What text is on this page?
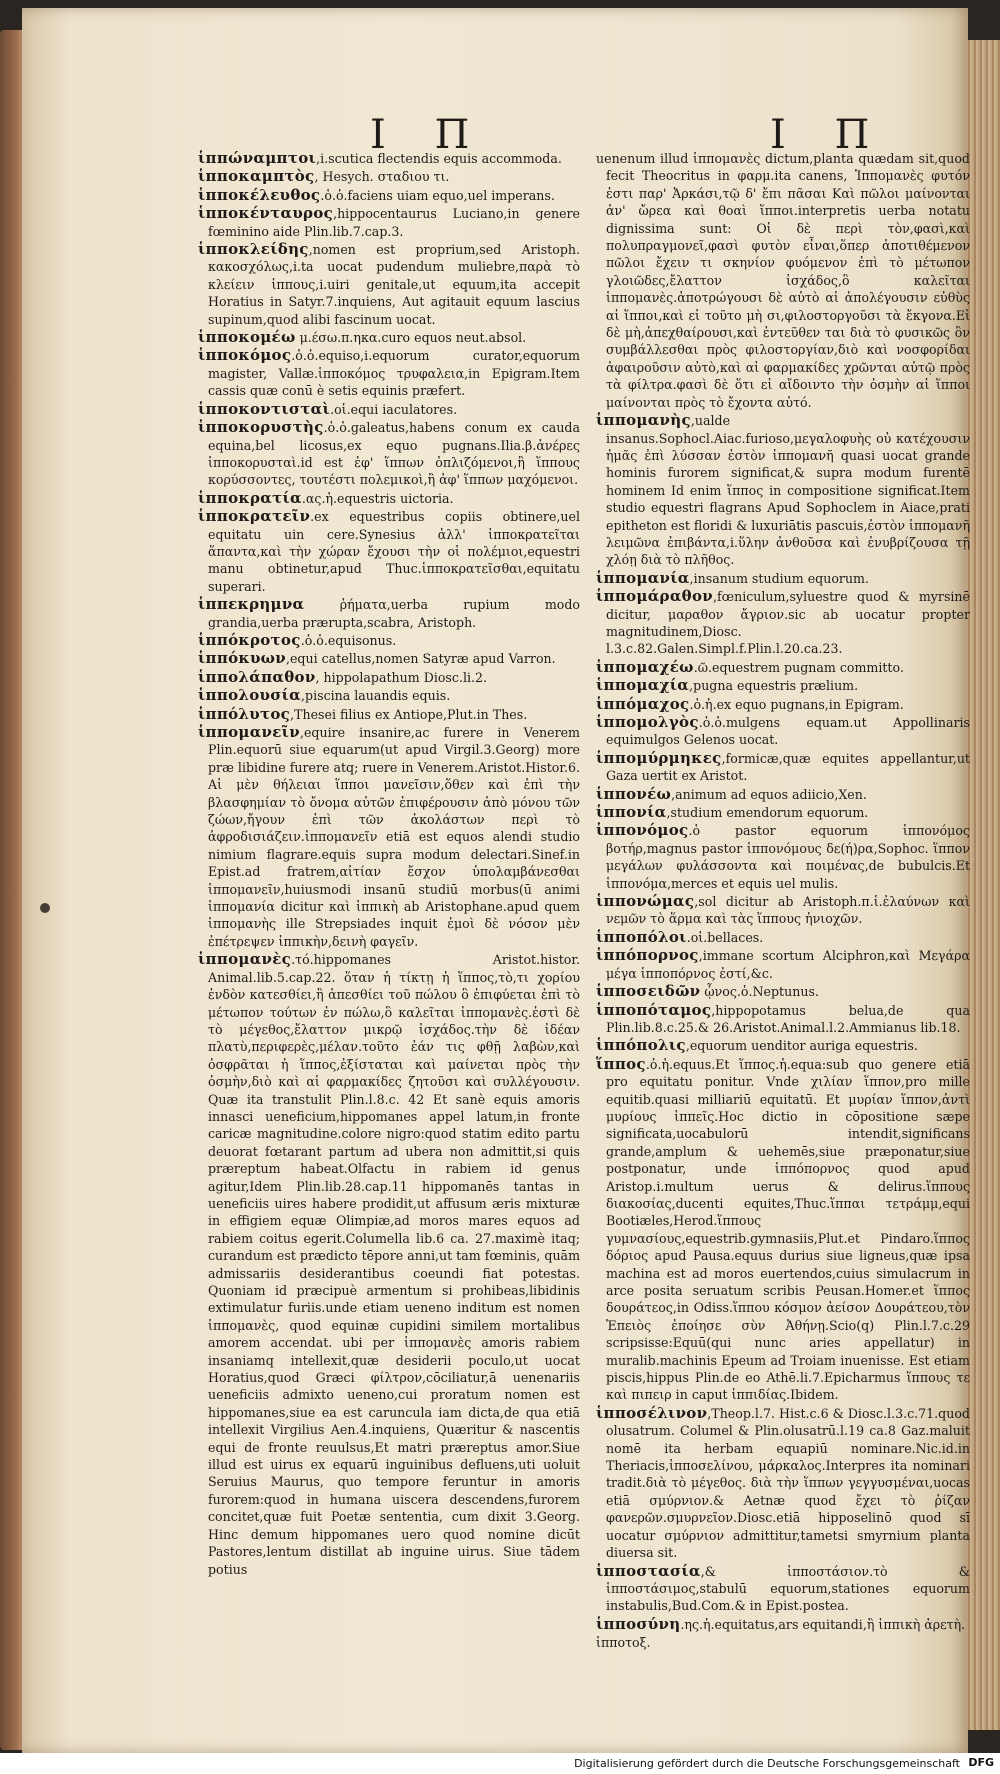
I Π	I Π

ἱππώναμπτοι,i.scutica flectendis equis accommoda.

ἱπποκαμπτὸς, Hesych. σταδιου τι.

ἱπποκέλευθος.ὁ.ὁ.faciens uiam equo,uel imperans.

ἱπποκένταυρος,hippocentaurus Luciano,in genere fœminino aide Plin.lib.7.cap.3.

ἱπποκλείδης,nomen est proprium,sed Aristoph. κακοσχόλως,i.ta uocat pudendum muliebre,παρὰ τὸ κλείειν ἱππους,i.uiri genitale,ut equum,ita accepit Horatius in Satyr.7.inquiens, Aut agitauit equum lascius supinum,quod alibi fascinum uocat.

ἱπποκομέω μ.έσω.π.ηκα.curo equos neut.absol.

ἱπποκόμος.ὁ.ὁ.equiso,i.equorum curator,equorum magister, Vallæ.ἱπποκόμος τρυφαλεια,in Epigram.Item cassis quæ conū è setis equinis præfert.

ἱπποκοντισταὶ.οἱ.equi iaculatores.

ἱπποκορυστὴς.ὁ.ὁ.galeatus,habens conum ex cauda equina,bel licosus,ex equo pugnans.Ilia.β.ἀνέρες ἱπποκορυσταὶ.id est ἐφ' ἵππων ὁπλιζόμενοι,ἢ ἵππους κορύσσοντες, τουτέστι πολεμικοὶ,ἢ ἀφ' ἵππων μαχόμενοι.

ἱπποκρατία.ας.ἡ.equestris uictoria.

ἱπποκρατεῖν.ex equestribus copiis obtinere,uel equitatu uin cere.Synesius ἀλλ' ἱπποκρατεῖται ἅπαντα,καὶ τὴν χώραν ἔχουσι τὴν οἱ πολέμιοι,equestri manu obtinetur,apud Thuc.ἱπποκρατεῖσθαι,equitatu superari.

ἱππεκρημνα ῥήματα,uerba rupium modo grandia,uerba prærupta,scabra, Aristoph.

ἱππόκροτος.ὁ.ὁ.equisonus.

ἱππόκυων,equi catellus,nomen Satyræ apud Varron.

ἱππολάπαθον, hippolapathum Diosc.li.2.

ἱππολουσία,piscina lauandis equis.

ἱππόλυτος,Thesei filius ex Antiope,Plut.in Thes.

ἱππομανεῖν,equire insanire,ac furere in Venerem Plin.equorū siue equarum(ut apud Virgil.3.Georg) more præ libidine furere atq; ruere in Venerem.Aristot.Histor.6. Αἱ μὲν θήλειαι ἵπποι μανεῖσιν,ὅθεν καὶ ἐπὶ τὴν βλασφημίαν τὸ ὄνομα αὐτῶν ἐπιφέρουσιν ἀπὸ μόνου τῶν ζώων,ἤγουν ἐπὶ τῶν ἀκολάστων περὶ τὸ ἀφροδισιάζειν.ἱππομανεῖν etiā est equos alendi studio nimium flagrare.equis supra modum delectari.Sinef.in Epist.ad fratrem,αἰτίαν ἔσχον ὑπολαμβάνεσθαι ἱππομανεῖν,huiusmodi insanū studiū morbus(ū animi ἱππομανία dicitur καὶ ἱππικὴ ab Aristophane.apud quem ἱππομανὴς ille Strepsiades inquit ἐμοὶ δὲ νόσον μὲν ἐπέτρεψεν ἱππικὴν,δεινὴ φαγεῖν.

ἱππομανὲς.τό.hippomanes Aristot.histor. Animal.lib.5.cap.22. ὅταν ἡ τίκτῃ ἡ ἵππος,τὸ,τι χορίου ἐνδὸν κατεσθίει,ἢ ἀπεσθίει τοῦ πώλου ὃ ἐπιφύεται ἐπὶ τὸ μέτωπον τούτων ἐν πώλω,ὃ καλεῖται ἱππομανὲς.ἐστὶ δὲ τὸ μέγεθος,ἔλαττον μικρῷ ἰσχάδος.τὴν δὲ ἰδέαν πλατὺ,περιφερὲς,μέλαν.τοῦτο ἐάν τις φθῇ λαβὼν,καὶ ὀσφρᾶται ἡ ἵππος,ἐξίσταται καὶ μαίνεται πρὸς τὴν ὀσμὴν,διὸ καὶ αἱ φαρμακίδες ζητοῦσι καὶ συλλέγουσιν. Quæ ita transtulit Plin.l.8.c. 42 Et sanè equis amoris innasci ueneficium,hippomanes appel latum,in fronte caricæ magnitudine.colore nigro:quod statim edito partu deuorat fœtarant partum ad ubera non admittit,si quis præreptum habeat.Olfactu in rabiem id genus agitur,Idem Plin.lib.28.cap.11 hippomanēs tantas in ueneficiis uires habere prodidit,ut affusum æris mixturæ in effigiem equæ Olimpiæ,ad moros mares equos ad rabiem coitus egerit.Columella lib.6 ca. 27.maximè itaq; curandum est prædicto tēpore anni,ut tam fœminis, quām admissariis desiderantibus coeundi fiat potestas. Quoniam id præcipuè armentum si prohibeas,libidinis extimulatur furiis.unde etiam ueneno inditum est nomen ἱππομανὲς, quod equinæ cupidini similem mortalibus amorem accendat. ubi per ἱππομανὲς amoris rabiem insaniamq intellexit,quæ desiderii poculo,ut uocat Horatius,quod Græci φίλτρον,cōciliatur,ā uenenariis ueneficiis admixto ueneno,cui proratum nomen est hippomanes,siue ea est caruncula iam dicta,de qua etiā intellexit Virgilius Aen.4.inquiens, Quæritur & nascentis equi de fronte reuulsus,Et matri præreptus amor.Siue illud est uirus ex equarū inguinibus defluens,uti uoluit Seruius Maurus, quo tempore feruntur in amoris furorem:quod in humana uiscera descendens,furorem concitet,quæ fuit Poetæ sententia, cum dixit 3.Georg. Hinc demum hippomanes uero quod nomine dicūt Pastores,lentum distillat ab inguine uirus. Siue tādem potius

uenenum illud ἱππομανὲς dictum,planta quædam sit,quod fecit Theocritus in φαρμ.ita canens, Ἱππομανὲς φυτόν ἐστι παρ' Ἀρκάσι,τῷ δ' ἔπι πᾶσαι Καὶ πῶλοι μαίνονται ἀν' ὤρεα καὶ θοαὶ ἵπποι.interpretis uerba notatu dignissima sunt: Οἱ δὲ περὶ τὸν,φασὶ,καὶ πολυπραγμονεῖ,φασὶ φυτὸν εἶναι,ὅπερ ἀποτιθέμενον πῶλοι ἔχειν τι σκηνίον φυόμενον ἐπὶ τὸ μέτωπον γλοιῶδες,ἔλαττον ἰσχάδος,ὃ καλεῖται ἱππομανὲς.ἀποτρώγουσι δὲ αὐτὸ αἱ ἀπολέγουσιν εὐθὺς αἱ ἵπποι,καὶ εἰ τοῦτο μὴ σι,φιλοστοργοῦσι τὰ ἔκγονα.Εἰ δὲ μὴ,ἀπεχθαίρουσι,καὶ ἐντεῦθεν ται διὰ τὸ φυσικῶς ὂν συμβάλλεσθαι πρὸς φιλοστοργίαν,διὸ καὶ νοσφορίδαι ἀφαιροῦσιν αὐτὸ,καὶ αἱ φαρμακίδες χρῶνται αὐτῷ πρὸς τὰ φίλτρα.φασὶ δὲ ὅτι εἰ αἴδοιντο τὴν ὀσμὴν αἱ ἵπποι μαίνονται πρὸς τὸ ἔχοντα αὐτό.

ἱππομανὴς,ualde insanus.Sophocl.Aiac.furioso,μεγαλοφυὴς οὐ κατέχουσιν ἡμᾶς ἐπὶ λύσσαν ἐστὸν ἱππομανῆ quasi uocat grande hominis furorem significat,& supra modum furentē hominem Id enim ἵππος in compositione significat.Item studio equestri flagrans Apud Sophoclem in Aiace,prati epitheton est floridi & luxuriātis pascuis,ἐστὸν ἱππομανῆ λειμῶνα ἐπιβάντα,i.ὕλην ἀνθοῦσα καὶ ἐνυβρίζουσα τῇ χλόῃ διὰ τὸ πλῆθος.

ἱππομανία,insanum studium equorum.

ἱππομάραθον,fœniculum,syluestre quod & myrsinē dicitur, μαραθον ἄγριον.sic ab uocatur propter magnitudinem,Diosc. l.3.c.82.Galen.Simpl.f.Plin.l.20.ca.23.

ἱππομαχέω.ῶ.equestrem pugnam committo.

ἱππομαχία,pugna equestris prælium.

ἱππόμαχος.ὁ.ἡ.ex equo pugnans,in Epigram.

ἱππομολγὸς.ὁ.ὁ.mulgens equam.ut Appollinaris equimulgos Gelenos uocat.

ἱππομύρμηκες,formicæ,quæ equites appellantur,ut Gaza uertit ex Aristot.

ἱππονέω,animum ad equos adiicio,Xen.

ἱππονία,studium emendorum equorum.

ἱππονόμος.ὁ pastor equorum ἱππονόμος βοτήρ,magnus pastor ἱππονόμους δε(ή)ρα,Sophoc. ἵππον μεγάλων φυλάσσοντα καὶ ποιμένας,de bubulcis.Et ἱππονόμα,merces et equis uel mulis.

ἱππονώμας,sol dicitur ab Aristoph.π.ἱ.ἐλαύνων καὶ νεμῶν τὸ ἅρμα καὶ τὰς ἵππους ἡνιοχῶν.

ἱπποπόλοι.οἱ.bellaces.

ἱππόπορνος,immane scortum Alciphron,καὶ Μεγάρα μέγα ἱπποπόρνος ἐστί,&c.

ἱπποσειδῶν ᾦνος.ὁ.Neptunus.

ἱπποπόταμος,hippopotamus belua,de qua Plin.lib.8.c.25.& 26.Aristot.Animal.l.2.Ammianus lib.18.

ἱππόπολις,equorum uenditor auriga equestris.

ἵππος.ὁ.ἡ.equus.Et ἵππος.ἡ.equa:sub quo genere etiā pro equitatu ponitur. Vnde χιλίαν ἵππον,pro mille equitib.quasi milliariū equitatū. Et μυρίαν ἵππον,ἀντὶ μυρίους ἱππεῖς.Hoc dictio in cōpositione sæpe significata,uocabulorū intendit,significans grande,amplum & uehemēs,siue præponatur,siue postponatur, unde ἱππόπορνος quod apud Aristop.i.multum uerus & delirus.ἵππους διακοσίας,ducenti equites,Thuc.ἵππαι τετράμμ,equi Bootiæles,Herod.ἵππους γυμνασίους,equestrib.gymnasiis,Plut.et Pindaro.ἵππος δόριος apud Pausa.equus durius siue ligneus,quæ ipsa machina est ad moros euertendos,cuius simulacrum in arce posita seruatum scribis Peusan.Homer.et ἵππος δουράτεος,in Odiss.ἵππου κόσμον ἀείσον Δουράτεου,τὸν Ἐπειὸς ἐποίησε σὺν Ἀθήνῃ.Scio(q) Plin.l.7.c.29 scripsisse:Equū(qui nunc aries appellatur) in muralib.machinis Epeum ad Troiam inuenisse. Est etiam piscis,hippus Plin.de eo Athē.li.7.Epicharmus ἵππους τε καὶ πιπειρ in caput ἱππιδίας.Ibidem.

ἱπποσέλινον,Theop.l.7. Hist.c.6 & Diosc.l.3.c.71.quod olusatrum. Columel & Plin.olusatrū.l.19 ca.8 Gaz.maluit nomē ita herbam equapiū nominare.Nic.id.in Theriacis,ἱπποσελίνου, μάρκαλος.Interpres ita nominari tradit.διὰ τὸ μέγεθος. διὰ τὴν ἵππων γεγγυσμέναι,uocas etiā σμύρνιον.& Aetnæ quod ἔχει τὸ ῥίζαν φανερῶν.σμυρνεῖον.Diosc.etiā hipposelinō quod sī uocatur σμύρνιον admittitur,tametsi smyrnium planta diuersa sit.

ἱπποστασία,& ἱπποστάσιον.τὸ & ἱπποστάσιμος,stabulū equorum,stationes equorum instabulis,Bud.Com.& in Epist.postea.

ἱπποσύνη.ης.ἡ.equitatus,ars equitandi,ἢ ἱππικὴ ἀρετὴ.

ἱπποτοξ.

Digitalisierung gefördert durch die Deutsche Forschungsgemeinschaft DFG
